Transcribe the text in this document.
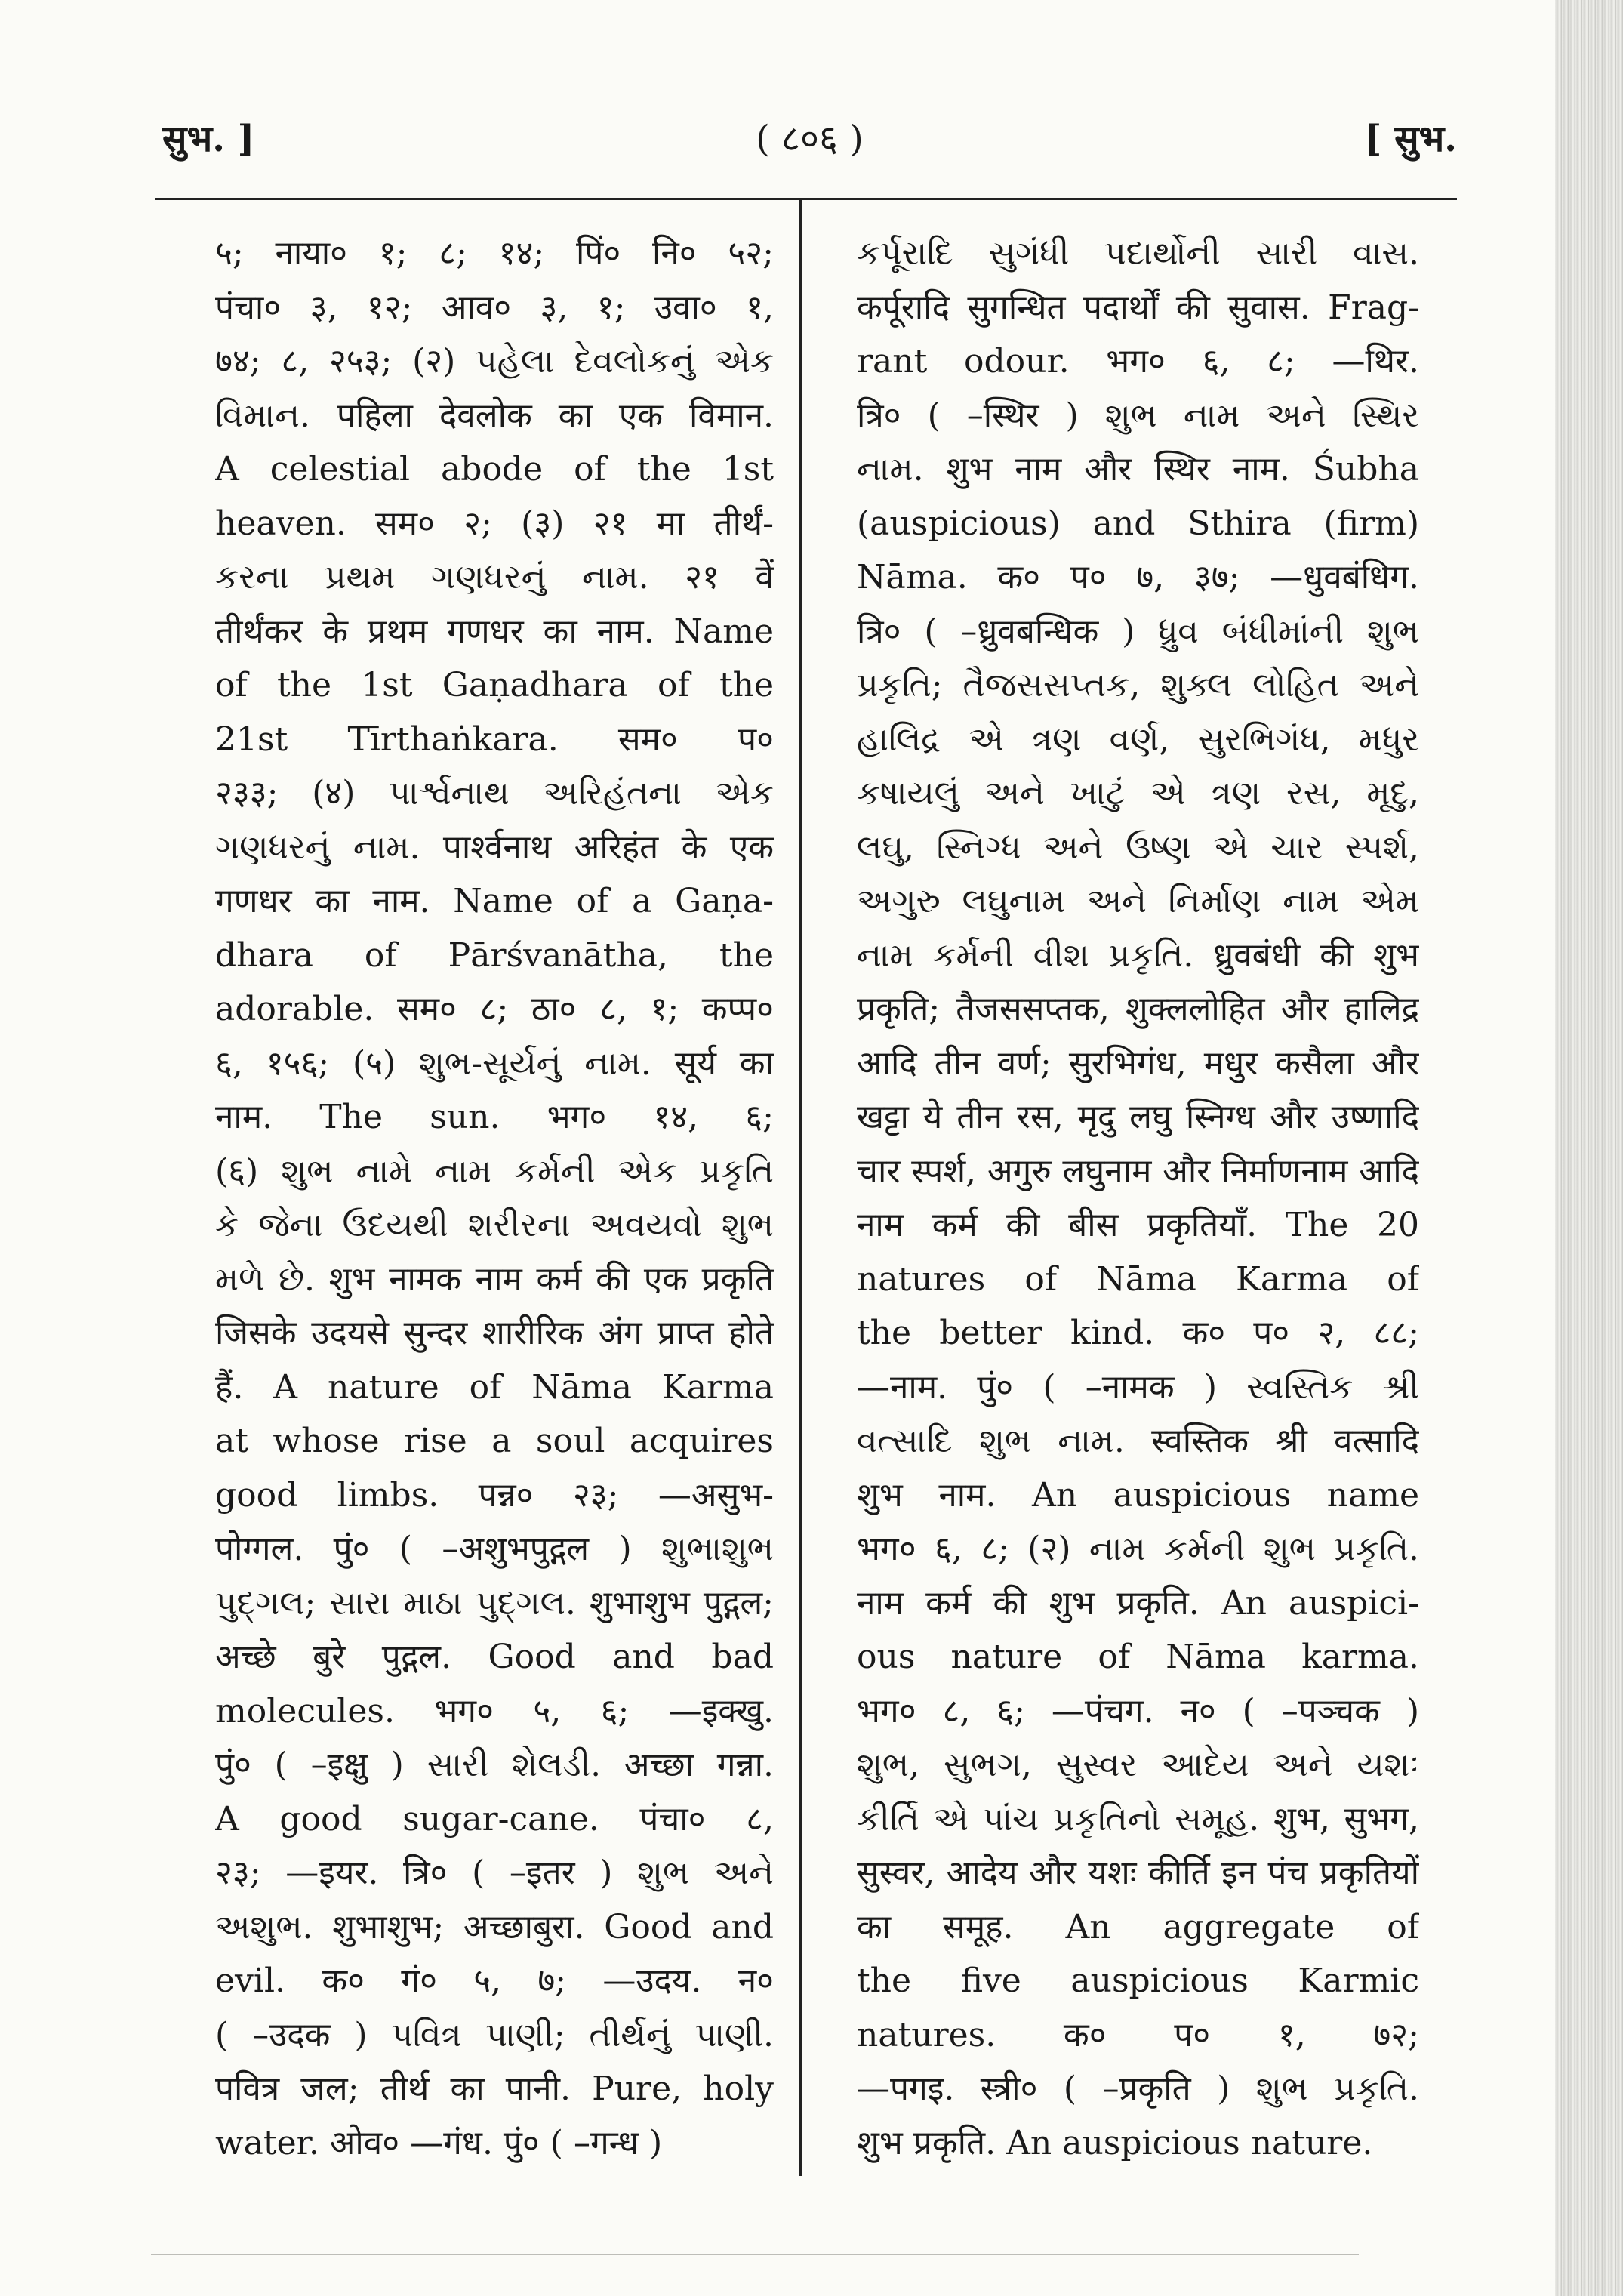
सुभ. ]	( ८०६ )	[ सुभ.
५; नाया० १; ८; १४; पिं० नि० ५२;
पंचा० ३, १२; आव० ३, १; उवा० १,
७४; ८, २५३; (२) પહેલા દેવલોકનું એક
વિમાન. पहिला देवलोक का एक विमान.
A celestial abode of the 1st
heaven. सम० २; (३) २१ मा तीर्थं-
કરના પ્રથમ ગણધરનું નામ. २१ वें
तीर्थंकर के प्रथम गणधर का नाम. Name
of the 1st Gaṇadhara of the
21st Tīrthaṅkara. सम० प०
२३३; (४) પાર્શ્વનાથ અરિહંતના એક
ગણધરનું નામ. पार्श्वनाथ अरिहंत के एक
गणधर का नाम. Name of a Gaṇa-
dhara of Pārśvanātha, the
adorable. सम० ८; ठा० ८, १; कप्प०
६, १५६; (५) શુભ-સૂર્યનું નામ. सूर्य का
नाम. The sun. भग० १४, ६;
(६) શુભ નામે નામ કર્મની એક પ્રકૃતિ
કે જેના ઉદયથી શરીરના અવયવો શુભ
મળે છે. शुभ नामक नाम कर्म की एक प्रकृति
जिसके उदयसे सुन्दर शारीरिक अंग प्राप्त होते
हैं. A nature of Nāma Karma
at whose rise a soul acquires
good limbs. पन्न० २३; —असुभ-
पोग्गल. पुं० ( –अशुभपुद्गल ) શુભાશુભ
પુદ્ગલ; સારા માઠા પુદ્ગલ. शुभाशुभ पुद्गल;
अच्छे बुरे पुद्गल. Good and bad
molecules. भग० ५, ६; —इक्खु.
पुं० ( –इक्षु ) સારી શેલડી. अच्छा गन्ना.
A good sugar-cane. पंचा० ८,
२३; —इयर. त्रि० ( –इतर ) શુભ અને
અશુભ. शुभाशुभ; अच्छाबुरा. Good and
evil. क० गं० ५, ७; —उदय. न०
( –उदक ) પવિત્ર પાણી; તીર્થનું પાણી.
पवित्र जल; तीर्थ का पानी. Pure, holy
water. ओव० —गंध. पुं० ( –गन्ध )
કર્પૂરાદિ સુગંધી પદાર્થોની સારી વાસ.
कर्पूरादि सुगन्धित पदार्थों की सुवास. Frag-
rant odour. भग० ६, ८; —थिर.
त्रि० ( –स्थिर ) શુભ નામ અને સ્થિર
નામ. शुभ नाम और स्थिर नाम. Śubha
(auspicious) and Sthira (firm)
Nāma. क० प० ७, ३७; —धुवबंधिग.
त्रि० ( –ध्रुवबन्धिक ) ધ્રુવ બંધીમાંની શુભ
પ્રકૃતિ; તૈજસસપ્તક, શુક્લ લોહિત અને
હાલિદ્ર એ ત્રણ વર્ણ, સુરભિગંધ, મધુર
કષાયલું અને ખાટું એ ત્રણ રસ, મૃદુ,
લઘુ, સ્નિગ્ધ અને ઉષ્ણ એ ચાર સ્પર્શ,
અગુરુ લઘુનામ અને નિર્માણ નામ એમ
નામ કર્મની વીશ પ્રકૃતિ. ध्रुवबंधी की शुभ
प्रकृति; तैजससप्तक, शुक्ललोहित और हालिद्र
आदि तीन वर्ण; सुरभिगंध, मधुर कसैला और
खट्टा ये तीन रस, मृदु लघु स्निग्ध और उष्णादि
चार स्पर्श, अगुरु लघुनाम और निर्माणनाम आदि
नाम कर्म की बीस प्रकृतियाँ. The 20
natures of Nāma Karma of
the better kind. क० प० २, ८८;
—नाम. पुं० ( –नामक ) સ્વસ્તિક શ્રી
વત્સાદિ શુભ નામ. स्वस्तिक श्री वत्सादि
शुभ नाम. An auspicious name
भग० ६, ८; (२) નામ કર્મની શુભ પ્રકૃતિ.
नाम कर्म की शुभ प्रकृति. An auspici-
ous nature of Nāma karma.
भग० ८, ६; —पंचग. न० ( –पञ्चक )
શુભ, સુભગ, સુસ્વર આદેય અને યશઃ
કીર્તિ એ પાંચ પ્રકૃતિનો સમૂહ. शुभ, सुभग,
सुस्वर, आदेय और यशः कीर्ति इन पंच प्रकृतियों
का समूह. An aggregate of
the five auspicious Karmic
natures. क० प० १, ७२;
—पगइ. स्त्री० ( –प्रकृति ) શુભ પ્રકૃતિ.
शुभ प्रकृति. An auspicious nature.
